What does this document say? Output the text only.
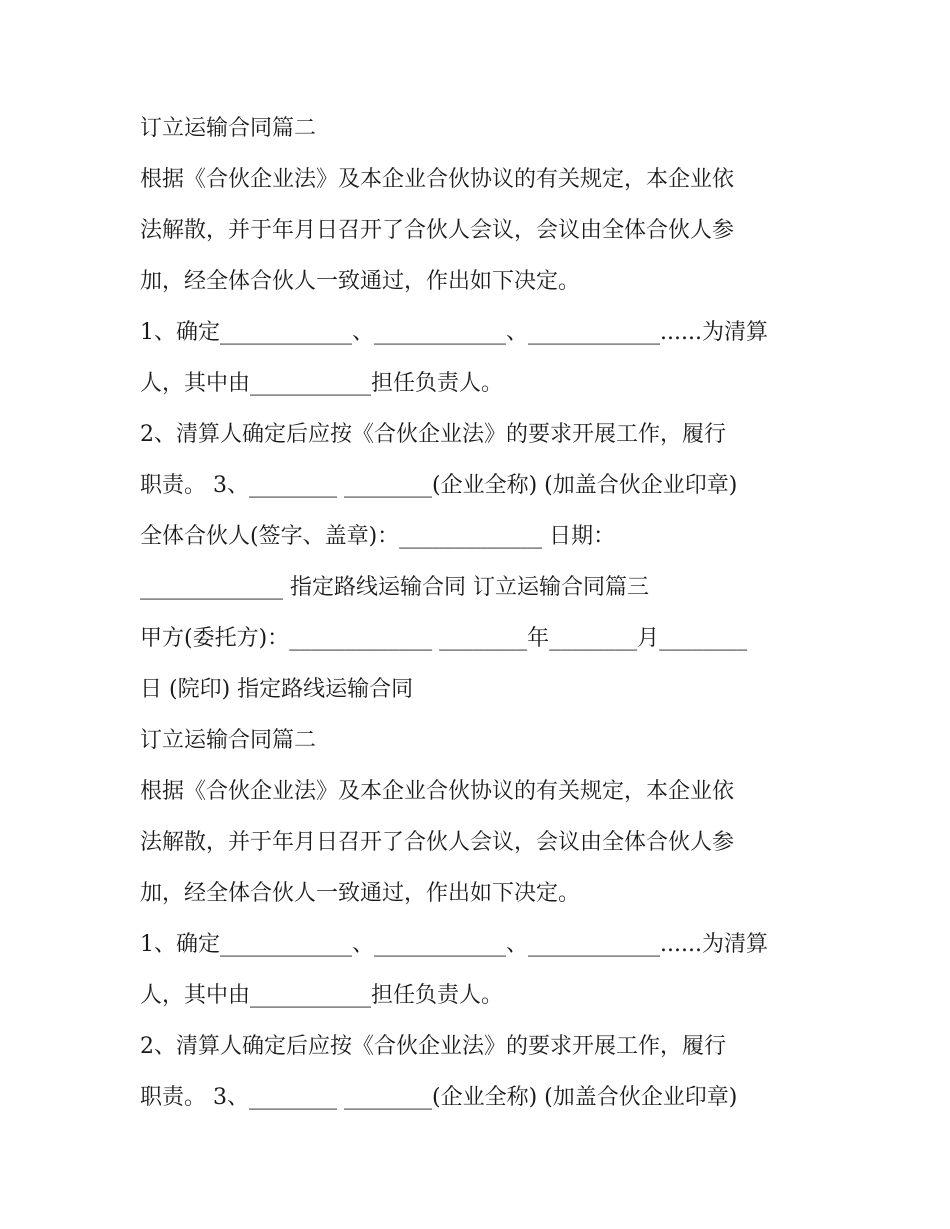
订立运输合同篇二
根据《合伙企业法》及本企业合伙协议的有关规定，本企业依
法解散，并于年月日召开了合伙人会议，会议由全体合伙人参
加，经全体合伙人一致通过，作出如下决定。
1、确定____________、____________、____________......为清算
人，其中由___________担任负责人。
2、清算人确定后应按《合伙企业法》的要求开展工作，履行
职责。 3、________ ________(企业全称) (加盖合伙企业印章)
全体合伙人(签字、盖章)：_____________ 日期：
_____________ 指定路线运输合同 订立运输合同篇三
甲方(委托方)：_____________ ________年________月________
日 (院印) 指定路线运输合同
订立运输合同篇二
根据《合伙企业法》及本企业合伙协议的有关规定，本企业依
法解散，并于年月日召开了合伙人会议，会议由全体合伙人参
加，经全体合伙人一致通过，作出如下决定。
1、确定____________、____________、____________......为清算
人，其中由___________担任负责人。
2、清算人确定后应按《合伙企业法》的要求开展工作，履行
职责。 3、________ ________(企业全称) (加盖合伙企业印章)
